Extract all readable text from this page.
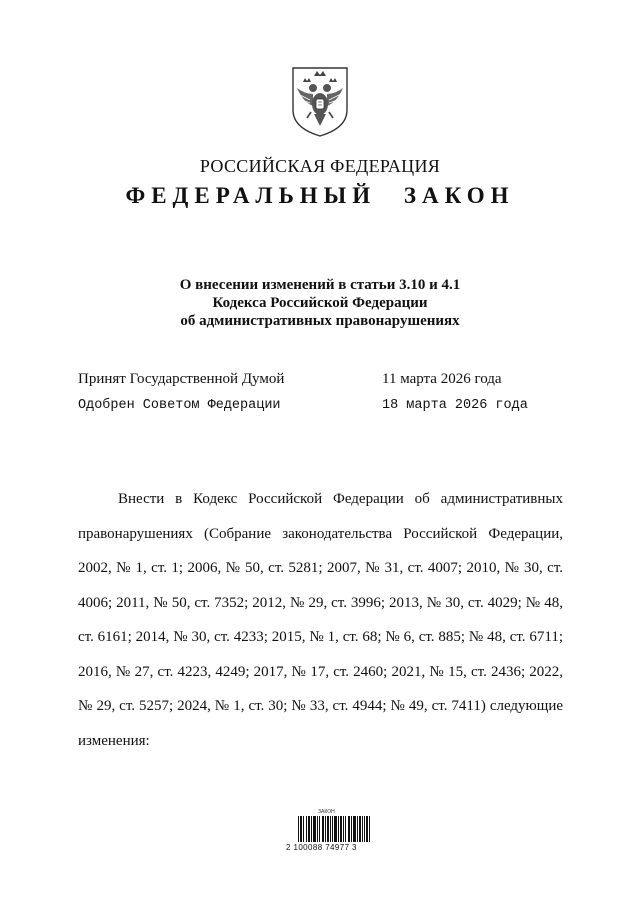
РОССИЙСКАЯ ФЕДЕРАЦИЯ
ФЕДЕРАЛЬНЫЙ ЗАКОН
О внесении изменений в статьи 3.10 и 4.1
Кодекса Российской Федерации
об административных правонарушениях
Принят Государственной Думой	11 марта 2026 года
Одобрен Советом Федерации	18 марта 2026 года

Внести в Кодекс Российской Федерации об административных правонарушениях (Собрание законодательства Российской Федерации, 2002, № 1, ст. 1; 2006, № 50, ст. 5281; 2007, № 31, ст. 4007; 2010, № 30, ст. 4006; 2011, № 50, ст. 7352; 2012, № 29, ст. 3996; 2013, № 30, ст. 4029; № 48, ст. 6161; 2014, № 30, ст. 4233; 2015, № 1, ст. 68; № 6, ст. 885; № 48, ст. 6711; 2016, № 27, ст. 4223, 4249; 2017, № 17, ст. 2460; 2021, № 15, ст. 2436; 2022, № 29, ст. 5257; 2024, № 1, ст. 30; № 33, ст. 4944; № 49, ст. 7411) следующие изменения:

ЗАКОН
2 100088 74977 3
